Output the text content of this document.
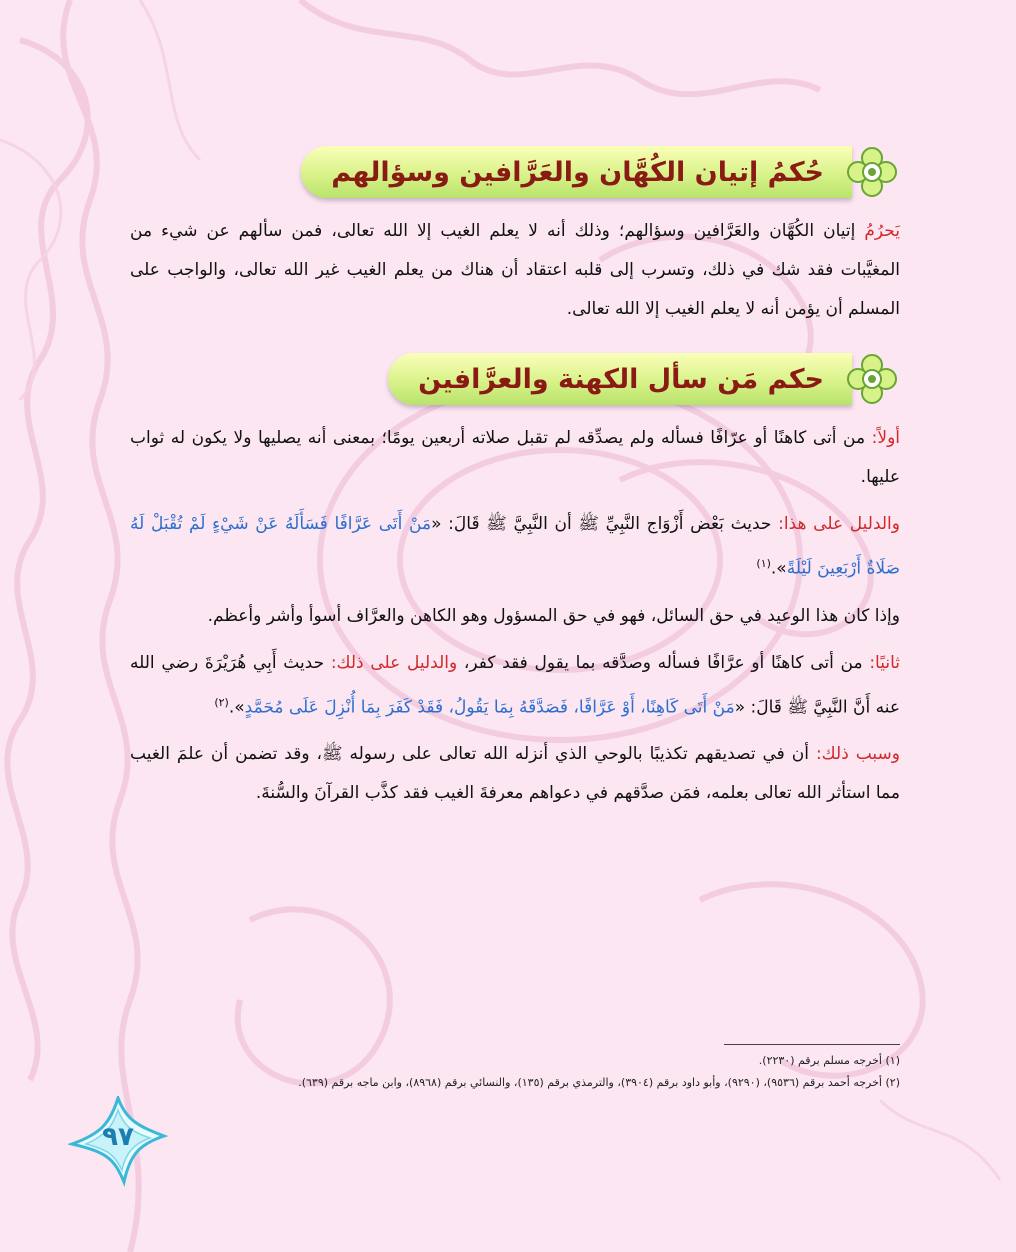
حُكمُ إتيان الكُهَّان والعَرَّافين وسؤالهم

يَحرُمُ إتيان الكُهَّان والعَرَّافين وسؤالهم؛ وذلك أنه لا يعلم الغيب إلا الله تعالى، فمن سألهم عن شيء من المغيَّبات فقد شك في ذلك، وتسرب إلى قلبه اعتقاد أن هناك من يعلم الغيب غير الله تعالى، والواجب على المسلم أن يؤمن أنه لا يعلم الغيب إلا الله تعالى.

حكم مَن سأل الكهنة والعرَّافين

أولاً: من أتى كاهنًا أو عرّافًا فسأله ولم يصدِّقه لم تقبل صلاته أربعين يومًا؛ بمعنى أنه يصليها ولا يكون له ثواب عليها.

والدليل على هذا: حديث بَعْض أَزْوَاج النَّبِيِّ ﷺ أن النَّبِيَّ ﷺ قَالَ: «مَنْ أَتَى عَرَّافًا فَسَأَلَهُ عَنْ شَيْءٍ لَمْ تُقْبَلْ لَهُ صَلَاةٌ أَرْبَعِينَ لَيْلَةً».$^{(١)}$

وإذا كان هذا الوعيد في حق السائل، فهو في حق المسؤول وهو الكاهن والعرَّاف أسوأ وأشر وأعظم.

ثانيًا: من أتى كاهنًا أو عرَّافًا فسأله وصدَّقه بما يقول فقد كفر، والدليل على ذلك: حديث أَبِي هُرَيْرَةَ رضي الله عنه أَنَّ النَّبِيَّ ﷺ قَالَ: «مَنْ أَتَى كَاهِنًا، أَوْ عَرَّافًا، فَصَدَّقَهُ بِمَا يَقُولُ، فَقَدْ كَفَرَ بِمَا أُنْزِلَ عَلَى مُحَمَّدٍ».$^{(٢)}$

وسبب ذلك: أن في تصديقهم تكذيبًا بالوحي الذي أنزله الله تعالى على رسوله ﷺ، وقد تضمن أن علمَ الغيب مما استأثر الله تعالى بعلمه، فمَن صدَّقهم في دعواهم معرفةَ الغيب فقد كذَّب القرآنَ والسُّنةَ.

(١) أخرجه مسلم برقم (٢٢٣٠).
(٢) أخرجه أحمد برقم (٩٥٣٦)، (٩٢٩٠)، وأبو داود برقم (٣٩٠٤)، والترمذي برقم (١٣٥)، والنسائي برقم (٨٩٦٨)، وابن ماجه برقم (٦٣٩).
٩٧
